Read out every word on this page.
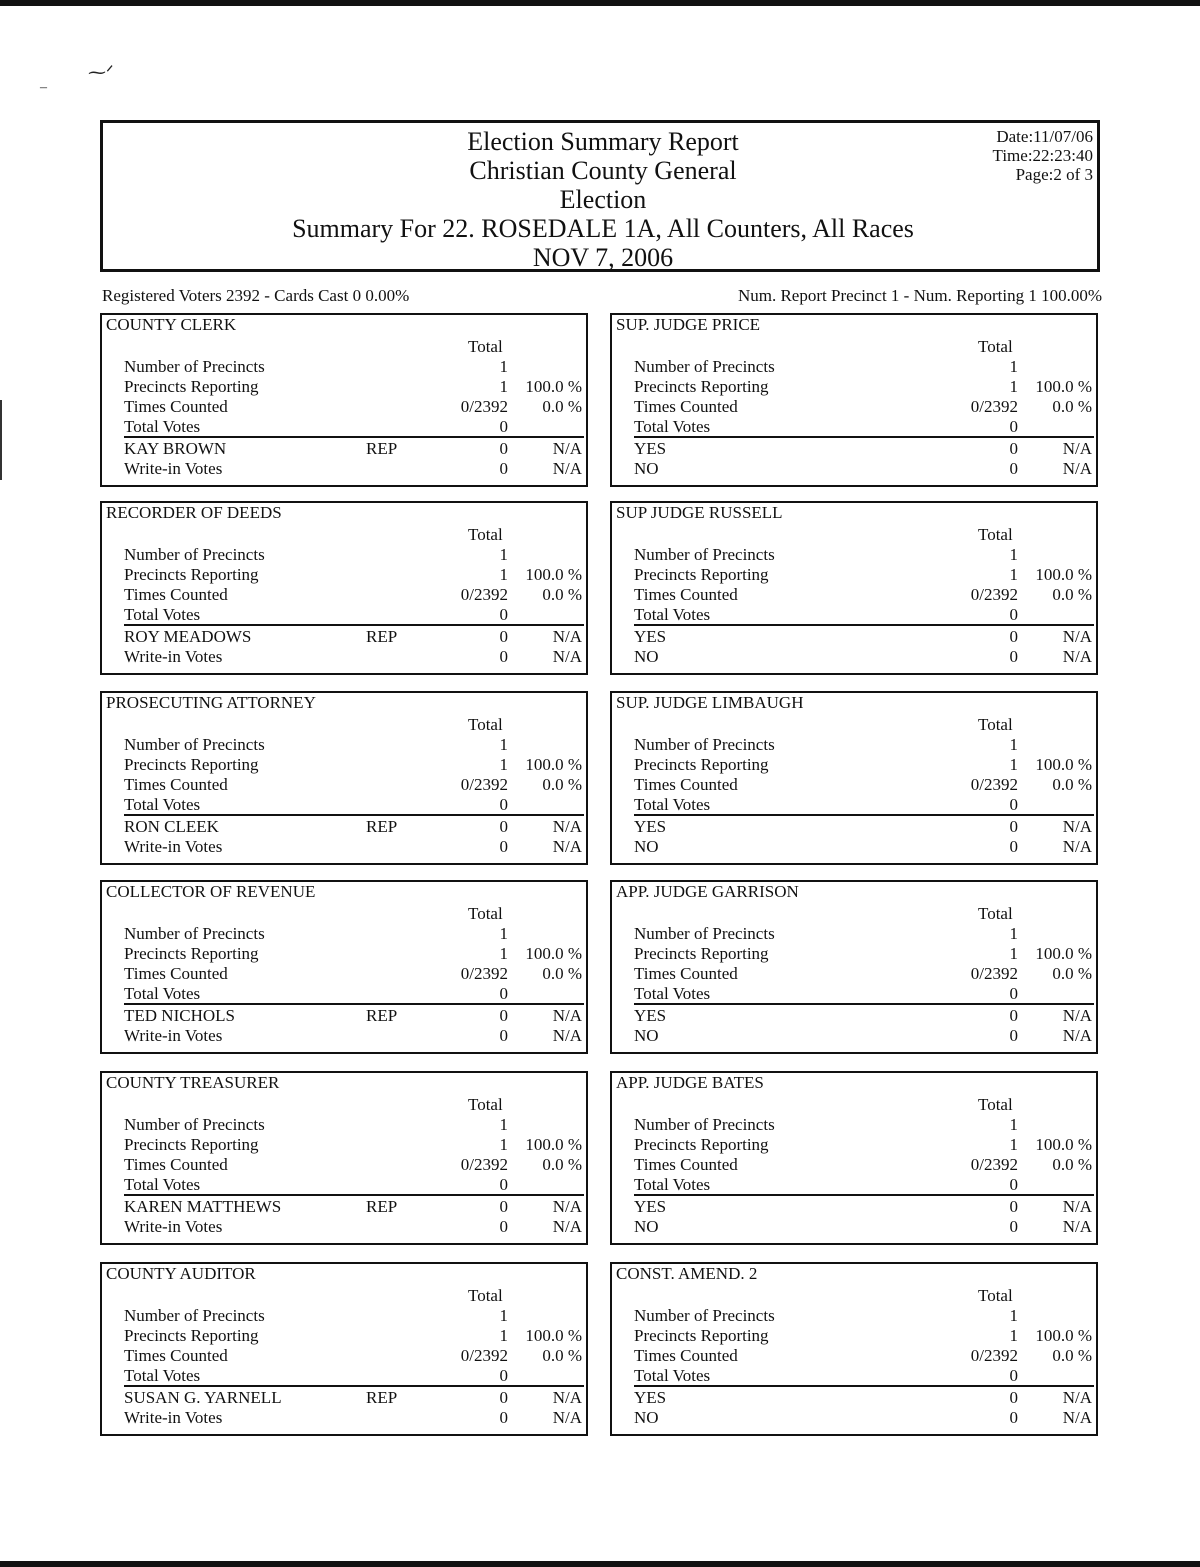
⁓ᐟ
–
Election Summary Report
Christian County General
Election
Summary For 22. ROSEDALE 1A, All Counters, All Races
NOV 7, 2006
Date:11/07/06
Time:22:23:40
Page:2 of 3
Registered Voters 2392 - Cards Cast 0 0.00%	Num. Report Precinct 1 - Num. Reporting 1 100.00%
COUNTY CLERK
Total
Number of Precincts	1
Precincts Reporting	1 100.0 %
Times Counted	0/2392 0.0 %
Total Votes	0
KAY BROWN	REP	0	N/A
Write-in Votes	0	N/A
SUP. JUDGE PRICE
Total
Number of Precincts	1
Precincts Reporting	1 100.0 %
Times Counted	0/2392 0.0 %
Total Votes	0
YES	0	N/A
NO	0	N/A
RECORDER OF DEEDS
Total
Number of Precincts	1
Precincts Reporting	1 100.0 %
Times Counted	0/2392 0.0 %
Total Votes	0
ROY MEADOWS	REP	0	N/A
Write-in Votes	0	N/A
SUP JUDGE RUSSELL
Total
Number of Precincts	1
Precincts Reporting	1 100.0 %
Times Counted	0/2392 0.0 %
Total Votes	0
YES	0	N/A
NO	0	N/A
PROSECUTING ATTORNEY
Total
Number of Precincts	1
Precincts Reporting	1 100.0 %
Times Counted	0/2392 0.0 %
Total Votes	0
RON CLEEK	REP	0	N/A
Write-in Votes	0	N/A
SUP. JUDGE LIMBAUGH
Total
Number of Precincts	1
Precincts Reporting	1 100.0 %
Times Counted	0/2392 0.0 %
Total Votes	0
YES	0	N/A
NO	0	N/A
COLLECTOR OF REVENUE
Total
Number of Precincts	1
Precincts Reporting	1 100.0 %
Times Counted	0/2392 0.0 %
Total Votes	0
TED NICHOLS	REP	0	N/A
Write-in Votes	0	N/A
APP. JUDGE GARRISON
Total
Number of Precincts	1
Precincts Reporting	1 100.0 %
Times Counted	0/2392 0.0 %
Total Votes	0
YES	0	N/A
NO	0	N/A
COUNTY TREASURER
Total
Number of Precincts	1
Precincts Reporting	1 100.0 %
Times Counted	0/2392 0.0 %
Total Votes	0
KAREN MATTHEWS	REP	0	N/A
Write-in Votes	0	N/A
APP. JUDGE BATES
Total
Number of Precincts	1
Precincts Reporting	1 100.0 %
Times Counted	0/2392 0.0 %
Total Votes	0
YES	0	N/A
NO	0	N/A
COUNTY AUDITOR
Total
Number of Precincts	1
Precincts Reporting	1 100.0 %
Times Counted	0/2392 0.0 %
Total Votes	0
SUSAN G. YARNELL	REP	0	N/A
Write-in Votes	0	N/A
CONST. AMEND. 2
Total
Number of Precincts	1
Precincts Reporting	1 100.0 %
Times Counted	0/2392 0.0 %
Total Votes	0
YES	0	N/A
NO	0	N/A
